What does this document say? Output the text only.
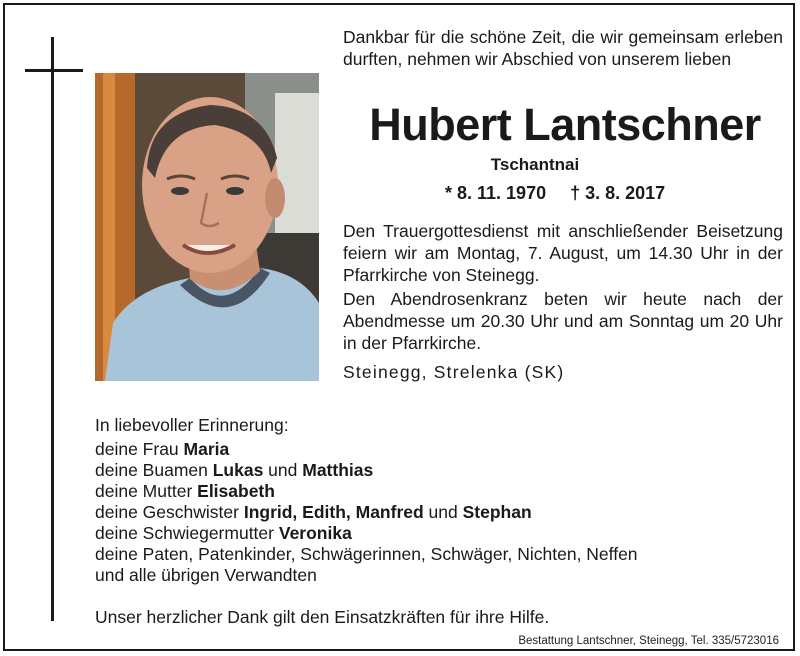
Dankbar für die schöne Zeit, die wir gemeinsam erleben durften, nehmen wir Abschied von unserem lieben
Hubert Lantschner
Tschantnai
* 8. 11. 1970 † 3. 8. 2017
Den Trauergottesdienst mit anschließender Beisetzung feiern wir am Montag, 7. August, um 14.30 Uhr in der Pfarrkirche von Steinegg.
Den Abendrosenkranz beten wir heute nach der Abendmesse um 20.30 Uhr und am Sonntag um 20 Uhr in der Pfarrkirche.
Steinegg, Strelenka (SK)
In liebevoller Erinnerung:
deine Frau Maria
deine Buamen Lukas und Matthias
deine Mutter Elisabeth
deine Geschwister Ingrid, Edith, Manfred und Stephan
deine Schwiegermutter Veronika
deine Paten, Patenkinder, Schwägerinnen, Schwäger, Nichten, Neffen
und alle übrigen Verwandten
Unser herzlicher Dank gilt den Einsatzkräften für ihre Hilfe.
Bestattung Lantschner, Steinegg, Tel. 335/5723016
